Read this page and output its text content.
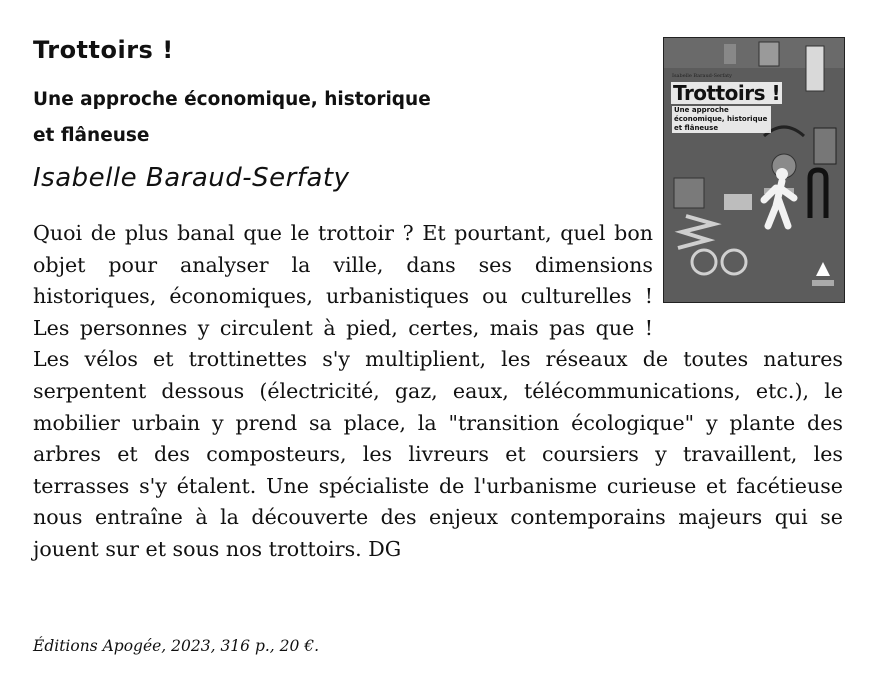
Trottoirs !

Une approche économique, historique et flâneuse

Isabelle Baraud-Serfaty
Isabelle Baraud-Serfaty
Trottoirs !
Une approche économique, historique et flâneuse

Quoi de plus banal que le trottoir ? Et pourtant, quel bon objet pour analyser la ville, dans ses dimensions historiques, économiques, urbanistiques ou culturelles ! Les personnes y circulent à pied, certes, mais pas que ! Les vélos et trottinettes s'y multiplient, les réseaux de toutes natures serpentent dessous (électricité, gaz, eaux, télécommunications, etc.), le mobilier urbain y prend sa place, la "transition écologique" y plante des arbres et des composteurs, les livreurs et coursiers y travaillent, les terrasses s'y étalent. Une spécialiste de l'urbanisme curieuse et facétieuse nous entraîne à la découverte des enjeux contemporains majeurs qui se jouent sur et sous nos trottoirs. DG

Éditions Apogée, 2023, 316 p., 20 €.
